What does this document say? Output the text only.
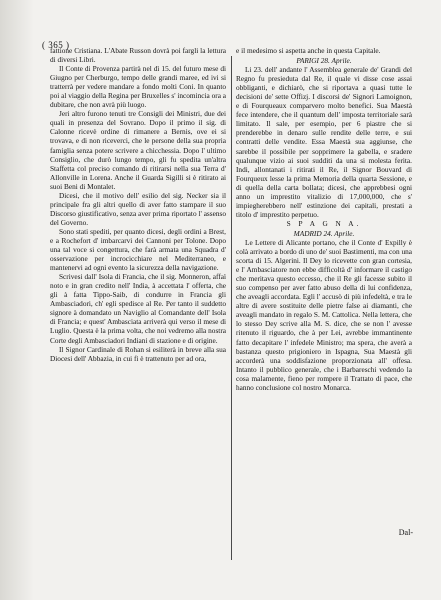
( 365 )

fattione Cristiana. L'Abate Russon dovrà poi fargli la lettura di diversi Libri.

Il Conte di Provenza partirà nel dì 15. del futuro mese di Giugno per Cherburgo, tempo delle grandi maree, ed ivi si tratterrà per vedere mandare a fondo molti Coni. In quanto poi al viaggio della Regina per Bruxelles s' incomincia ora a dubitare, che non avrà più luogo.

Jeri altro furono tenuti tre Consigli dei Ministri, due dei quali in presenza del Sovrano. Dopo il primo il sig. di Calonne ricevè ordine di rimanere a Bernis, ove ei si trovava, e di non riceverci, che le persone della sua propria famiglia senza potere scrivere a chicchessia. Dopo l' ultimo Consiglio, che durò lungo tempo, gli fu spedita un'altra Staffetta col preciso comando di ritirarsi nella sua Terra d' Allonville in Lorena. Anche il Guarda Sigilli si è ritirato ai suoi Beni di Montalet.

Dicesi, che il motivo dell' esilio del sig. Necker sia il principale fra gli altri quello di aver fatto stampare il suo Discorso giustificativo, senza aver prima riportato l' assenso del Governo.

Sono stati spediti, per quanto dicesi, degli ordini a Brest, e a Rochefort d' imbarcarvi dei Cannoni per Tolone. Dopo una tal voce si congettura, che farà armata una Squadra d' osservazione per incrocicchiare nel Mediterraneo, e mantenervi ad ogni evento la sicurezza della navigazione.

Scrivesi dall' Isola di Francia, che il sig. Monneron, affaì noto e in gran credito nell' India, à accettata l' offerta, che gli à fatta Tippo-Saib, di condurre in Francia gli Ambasciadori, ch' egli spedisce al Re. Per tanto il suddetto signore à domandato un Naviglio al Comandante dell' Isola di Francia; e quest' Ambasciata arriverà qui verso il mese di Luglio. Questa è la prima volta, che noi vedremo alla nostra Corte degli Ambasciadori Indiani di stazione e di origine.

Il Signor Cardinale di Rohan si esiliterà in breve alla sua Diocesi dell' Abbazia, in cui fi è trattenuto per ad ora,

e il medesimo si aspetta anche in questa Capitale.

PARIGI 28. Aprile.

Li 23. dell' andante l' Assemblea generale de' Grandi del Regno fu presieduta dal Re, il quale vi disse cose assai obbliganti, e dichiarò, che si riportava a quasi tutte le decisioni de' sette Offizj. I discorsi de' Signori Lamoignon, e di Fourqueaux comparvero molto benefici. Sua Maestà fece intendere, che il quantum dell' imposta territoriale sarà limitato. Il sale, per esempio, per 6 piastre che si prenderebbe in denaro sulle rendite delle terre, e sui contratti delle vendite. Essa Maestà sua aggiunse, che sarebbe il possibile per sopprimere la gabella, e sradere qualunque vizio ai suoi sudditi da una si molesta ferita. Indi, allontanati i ritirati il Re, il Signor Bouvard di Fourqueux lesse la prima Memoria della quarta Sessione, e di quella della carta bollata; dicesi, che apprebbesi ogni anno un imprestito vitalizio di 17,000,000, che s' impiegherebbero nell' estinzione dei capitali, prestati a titolo d' imprestito perpetuo.

S P A G N A.

MADRID 24. Aprile.

Le Lettere di Alicante portano, che il Conte d' Expilly è colà arrivato a bordo di uno de' suoi Bastimenti, ma con una scorta di 15. Algerini. Il Dey lo ricevette con gran cortesia, e l' Ambasciatore non ebbe difficoltà d' informare il castigo che meritava questo eccesso, che il Re gli facesse subito il suo compenso per aver fatto abuso della di lui confidenza, che aveagli accordata. Egli l' accusò di più infedeltà, e tra le altre di avere sostituite delle pietre false ai diamanti, che aveagli mandato in regalo S. M. Cattolica. Nella lettera, che lo stesso Dey scrive alla M. S. dice, che se non l' avesse ritenuto il riguardo, che à per Lei, avrebbe immantinente fatto decapitare l' infedele Ministro; ma spera, che averà a bastanza questo prigioniero in Ispagna, Sua Maestà gli accorderà una soddisfazione proporzionata all' offesa. Intanto il pubblico generale, che i Barbareschi vedendo la cosa malamente, fieno per rompere il Trattato di pace, che hanno conclusione col nostro Monarca.

Dal-
